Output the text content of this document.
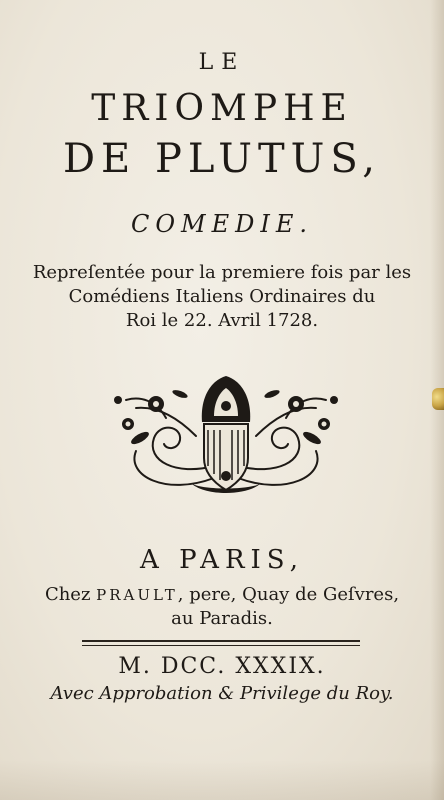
LE
TRIOMPHE
DE PLUTUS,
COMEDIE.
Repreſentée pour la premiere fois par les
Comédiens Italiens Ordinaires du
Roi le 22. Avril 1728.
A PARIS,
Chez PRAULT, pere, Quay de Geſvres,
au Paradis.
M. DCC. XXXIX.
Avec Approbation & Privilege du Roy.
